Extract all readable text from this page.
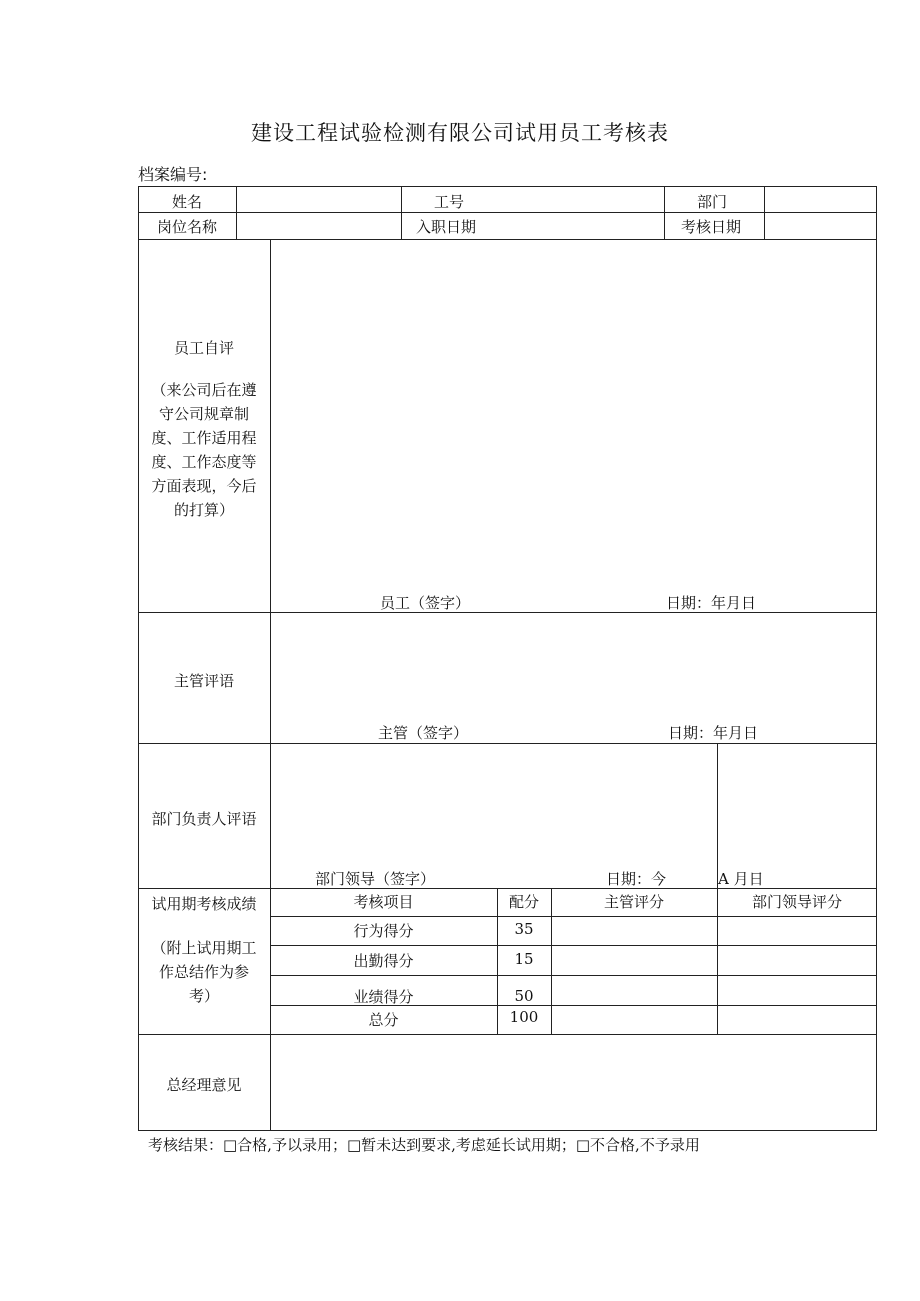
建设工程试验检测有限公司试用员工考核表
档案编号:
姓名	工号	部门
岗位名称	入职日期	考核日期
员工自评
（来公司后在遵
守公司规章制
度、工作适用程
度、工作态度等
方面表现，今后
的打算）
员工（签字）	日期：年月日
主管评语
主管（签字）	日期：年月日
部门负责人评语
部门领导（签字）	日期：今	A 月日
试用期考核成绩
（附上试用期工
作总结作为参
考）
考核项目	配分	主管评分	部门领导评分
行为得分	35
出勤得分	15
业绩得分	50
总分	100
总经理意见
考核结果：□合格,予以录用；□暂未达到要求,考虑延长试用期；□不合格,不予录用
